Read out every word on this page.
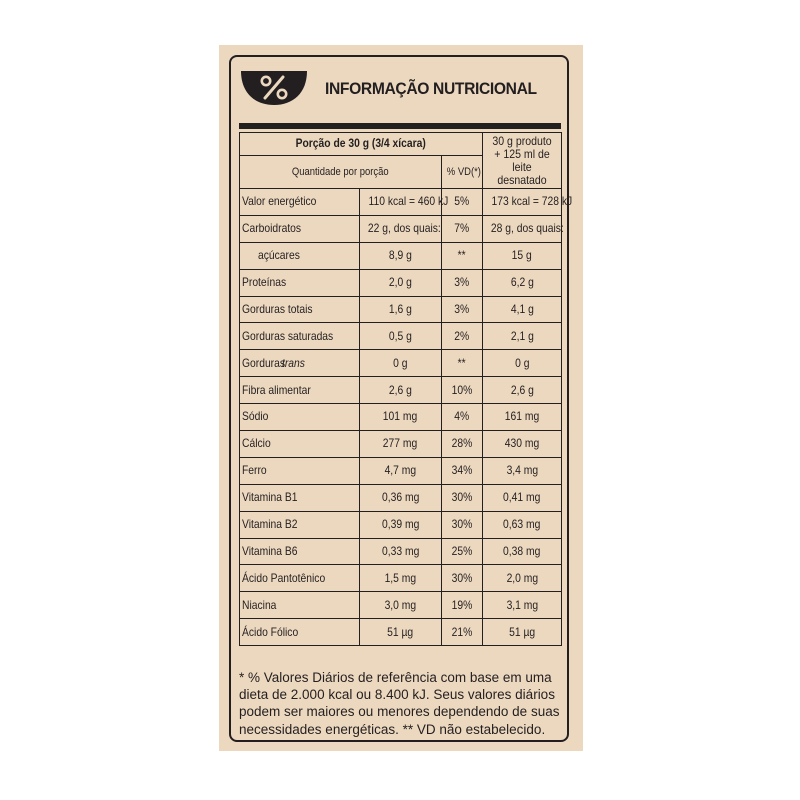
INFORMAÇÃO NUTRICIONAL
Porção de 30 g (3/4 xícara)			30 g produto
+ 125 ml de leite
desnatado

Quantidade por porção		% VD(*)	
Valor energético	110 kcal = 460 kJ	5%	173 kcal = 728 kJ
Carboidratos	22 g, dos quais:	7%	28 g, dos quais:
açúcares	8,9 g	**	15 g
Proteínas	2,0 g	3%	6,2 g
Gorduras totais	1,6 g	3%	4,1 g
Gorduras saturadas	0,5 g	2%	2,1 g
Gordurastrans	0 g	**	0 g
Fibra alimentar	2,6 g	10%	2,6 g
Sódio	101 mg	4%	161 mg
Cálcio	277 mg	28%	430 mg
Ferro	4,7 mg	34%	3,4 mg
Vitamina B1	0,36 mg	30%	0,41 mg
Vitamina B2	0,39 mg	30%	0,63 mg
Vitamina B6	0,33 mg	25%	0,38 mg
Ácido Pantotênico	1,5 mg	30%	2,0 mg
Niacina	3,0 mg	19%	3,1 mg
Ácido Fólico	51 µg	21%	51 µg
* % Valores Diários de referência com base em uma
dieta de 2.000 kcal ou 8.400 kJ. Seus valores diários
podem ser maiores ou menores dependendo de suas
necessidades energéticas. ** VD não estabelecido.
